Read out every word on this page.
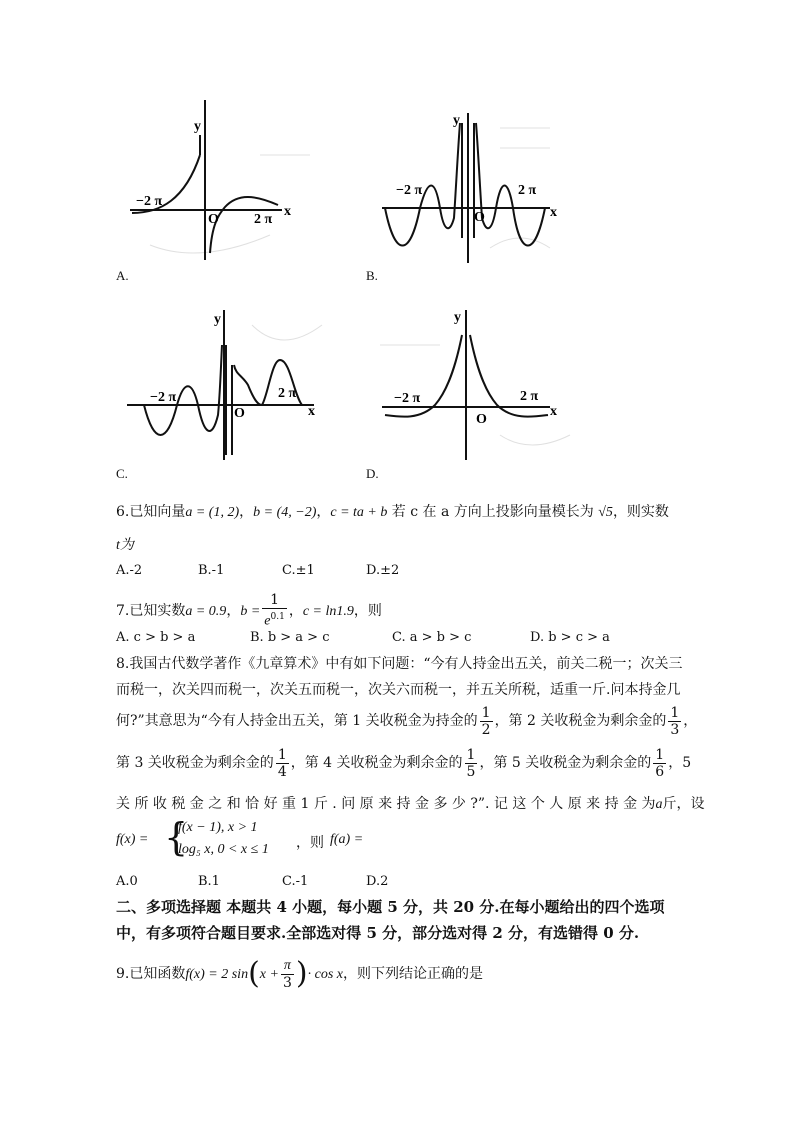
y
x
O
−2 π
2 π
A.
y
x
O
−2 π	2 π
B.
y
x
O
−2 π	2 π
C.
y
x
O
−2 π	2 π
D.
6.已知向量a = (1, 2)，b = (4, −2)，c = ta + b 若 c 在 a 方向上投影向量模长为 √5，则实数
t为
A.-2	B.-1	C.±1	D.±2
7.已知实数a = 0.9，$b = \frac{1}{e^{0.1}}$ ，c = ln1.9，则
A. c > b > a	B. b > a > c	C. a > b > c	D. b > c > a
8.我国古代数学著作《九章算术》中有如下问题：“今有人持金出五关，前关二税一；次关三
而税一，次关四而税一，次关五而税一，次关六而税一，并五关所税，适重一斤.问本持金几
何?”其意思为“今有人持金出五关，第 1 关收税金为持金的 $\frac{1}{2}$ ，第 2 关收税金为剩余金的 $\frac{1}{3}$ ，
第 3 关收税金为剩余金的 $\frac{1}{4}$ ，第 4 关收税金为剩余金的 $\frac{1}{5}$ ，第 5 关收税金为剩余金的 $\frac{1}{6}$ ，5
关 所 收 税 金 之 和 恰 好 重 1 斤 . 问 原 来 持 金 多 少 ?”. 记 这 个 人 原 来 持 金 为a斤，设
f(x) = {
f(x − 1), x > 1
log₅ x, 0 < x ≤ 1 ，则 f(a) =
A.0	B.1	C.-1	D.2
二、多项选择题 本题共 4 小题，每小题 5 分，共 20 分.在每小题给出的四个选项
中，有多项符合题目要求.全部选对得 5 分，部分选对得 2 分，有选错得 0 分.
9.已知函数f(x) = 2 $\sin(x + \frac{\pi}{3}$ )· cos x，则下列结论正确的是
